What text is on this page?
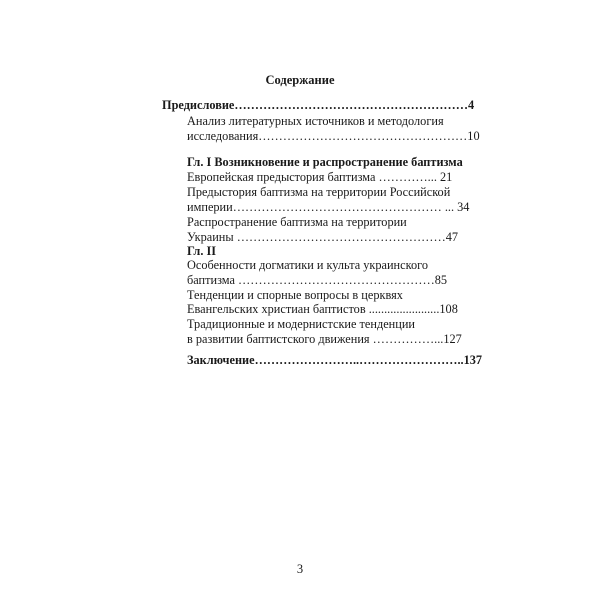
Содержание
Предисловие…………………………………………………4
Анализ литературных источников и методология
исследования……………………………………………10
Гл. I Возникновение и распространение баптизма
Европейская предыстория баптизма …………... 21
Предыстория баптизма на территории Российской
империи…………………………………………… ... 34
Распространение баптизма на территории
Украины ……………………………………………47
Гл. II
Особенности догматики и культа украинского
баптизма …………………………………………85
Тенденции и спорные вопросы в церквях
Евангельских христиан баптистов .......................108
Традиционные и модернистские тенденции
в развитии баптистского движения ……………...127
Заключение……………………..……………………..137
3
